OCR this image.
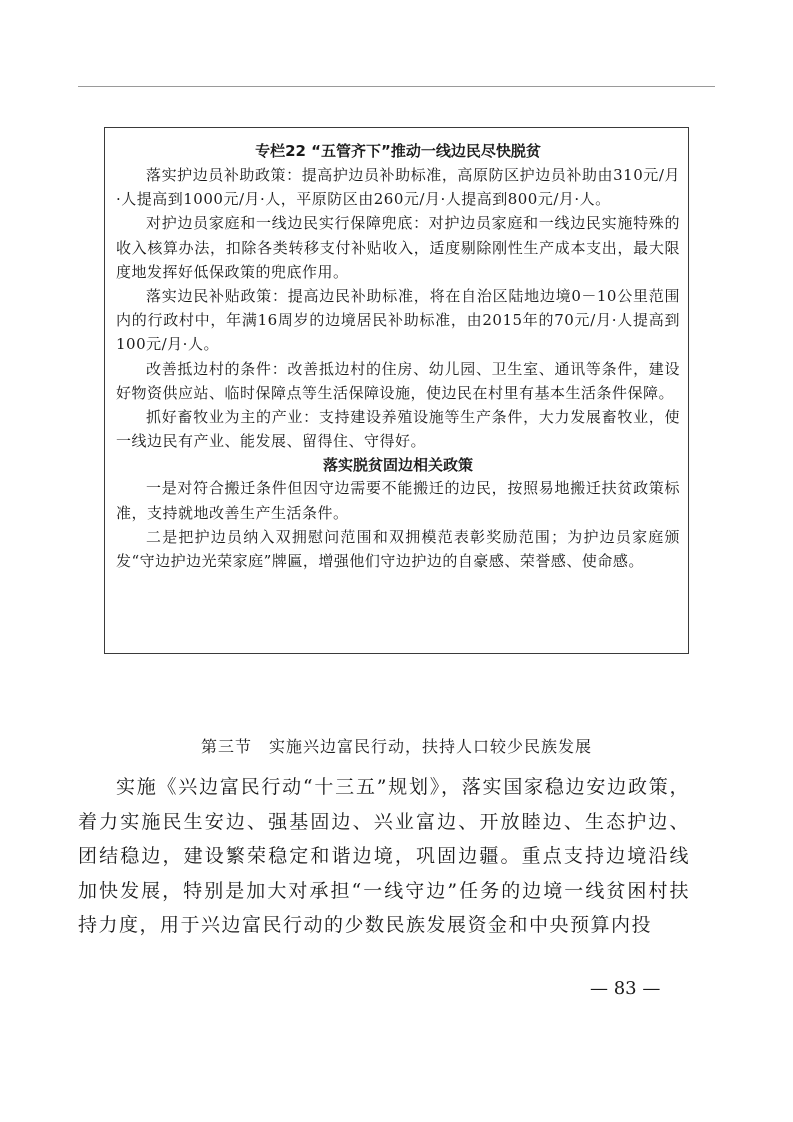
专栏22 “五管齐下”推动一线边民尽快脱贫

落实护边员补助政策：提高护边员补助标准，高原防区护边员补助由310元/月·人提高到1000元/月·人，平原防区由260元/月·人提高到800元/月·人。

对护边员家庭和一线边民实行保障兜底：对护边员家庭和一线边民实施特殊的收入核算办法，扣除各类转移支付补贴收入，适度剔除刚性生产成本支出，最大限度地发挥好低保政策的兜底作用。

落实边民补贴政策：提高边民补助标准，将在自治区陆地边境0－10公里范围内的行政村中，年满16周岁的边境居民补助标准，由2015年的70元/月·人提高到100元/月·人。

改善抵边村的条件：改善抵边村的住房、幼儿园、卫生室、通讯等条件，建设好物资供应站、临时保障点等生活保障设施，使边民在村里有基本生活条件保障。

抓好畜牧业为主的产业：支持建设养殖设施等生产条件，大力发展畜牧业，使一线边民有产业、能发展、留得住、守得好。

落实脱贫固边相关政策

一是对符合搬迁条件但因守边需要不能搬迁的边民，按照易地搬迁扶贫政策标准，支持就地改善生产生活条件。

二是把护边员纳入双拥慰问范围和双拥模范表彰奖励范围；为护边员家庭颁发“守边护边光荣家庭”牌匾，增强他们守边护边的自豪感、荣誉感、使命感。

第三节　实施兴边富民行动，扶持人口较少民族发展

实施《兴边富民行动“十三五”规划》，落实国家稳边安边政策，着力实施民生安边、强基固边、兴业富边、开放睦边、生态护边、团结稳边，建设繁荣稳定和谐边境，巩固边疆。重点支持边境沿线加快发展，特别是加大对承担“一线守边”任务的边境一线贫困村扶持力度，用于兴边富民行动的少数民族发展资金和中央预算内投

— 83 —
